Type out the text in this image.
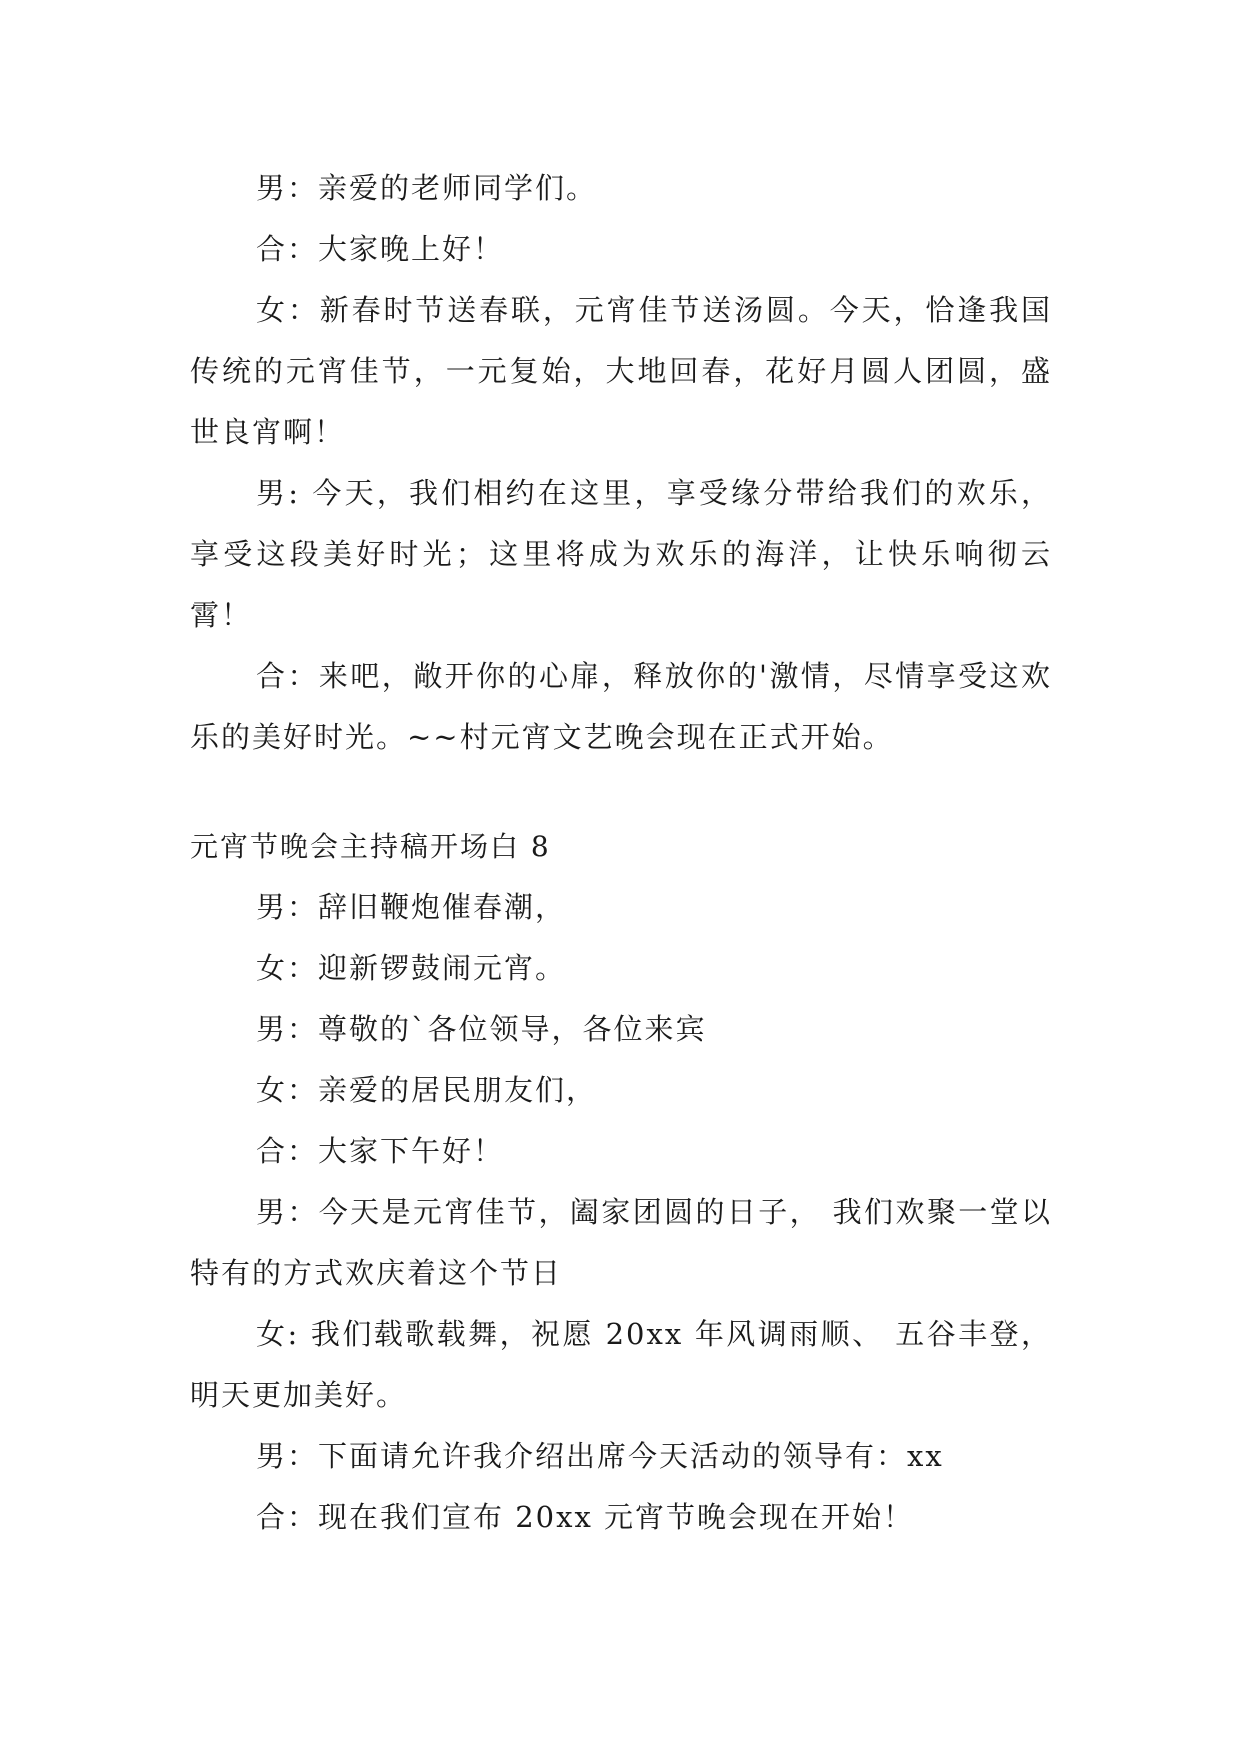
男：亲爱的老师同学们。

合：大家晚上好！

女：新春时节送春联，元宵佳节送汤圆。今天，恰逢我国传统的元宵佳节，一元复始，大地回春，花好月圆人团圆，盛世良宵啊！

男: 今天，我们相约在这里，享受缘分带给我们的欢乐，享受这段美好时光；这里将成为欢乐的海洋，让快乐响彻云霄！

合：来吧，敞开你的心扉，释放你的'激情，尽情享受这欢乐的美好时光。~~村元宵文艺晚会现在正式开始。

元宵节晚会主持稿开场白 8

男：辞旧鞭炮催春潮，

女：迎新锣鼓闹元宵。

男：尊敬的`各位领导，各位来宾

女：亲爱的居民朋友们，

合：大家下午好！

男：今天是元宵佳节，阖家团圆的日子， 我们欢聚一堂以特有的方式欢庆着这个节日

女: 我们载歌载舞，祝愿 20xx 年风调雨顺、 五谷丰登，明天更加美好。

男：下面请允许我介绍出席今天活动的领导有：xx

合：现在我们宣布 20xx 元宵节晚会现在开始！
